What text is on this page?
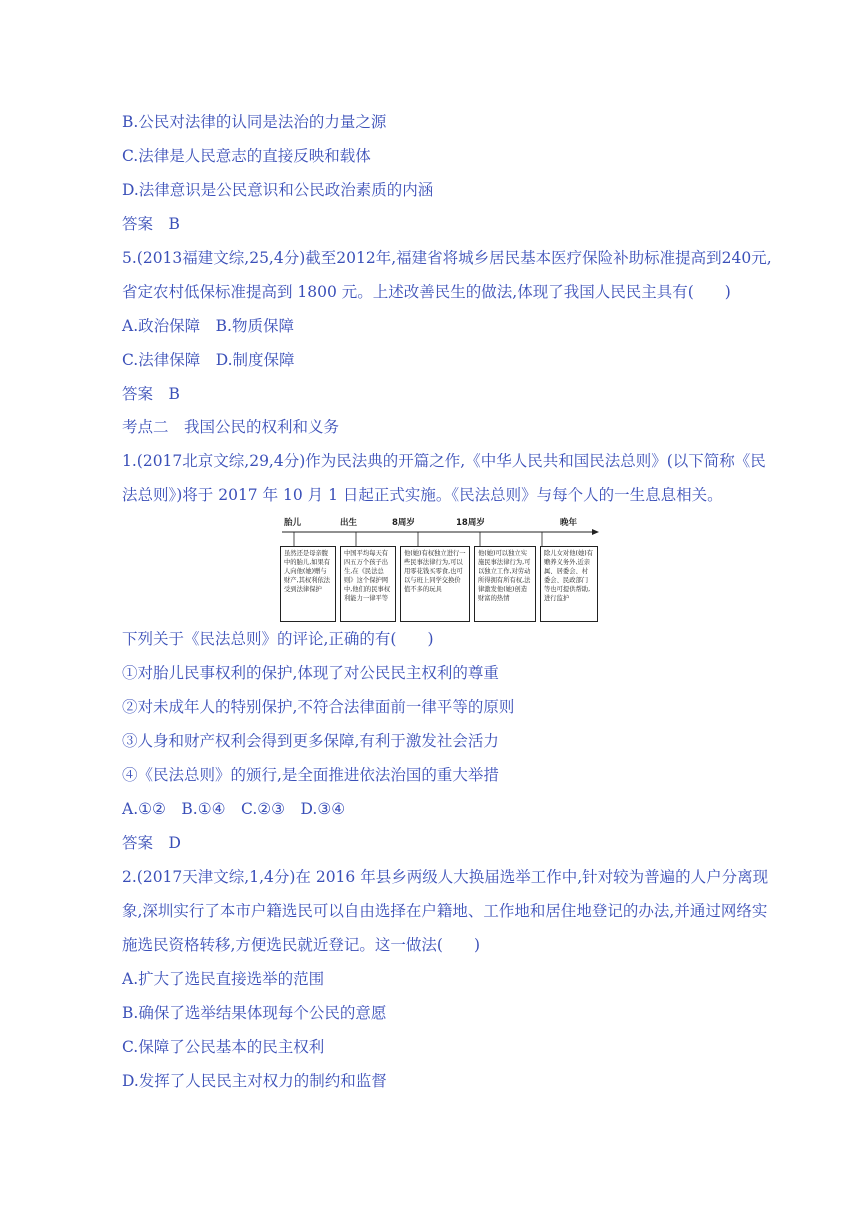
B.公民对法律的认同是法治的力量之源
C.法律是人民意志的直接反映和载体
D.法律意识是公民意识和公民政治素质的内涵
答案　B
5.(2013福建文综,25,4分)截至2012年,福建省将城乡居民基本医疗保险补助标准提高到240元,
省定农村低保标准提高到 1800 元。上述改善民生的做法,体现了我国人民民主具有(　　)
A.政治保障　B.物质保障
C.法律保障　D.制度保障
答案　B
考点二　我国公民的权利和义务
1.(2017北京文综,29,4分)作为民法典的开篇之作,《中华人民共和国民法总则》(以下简称《民
法总则》)将于 2017 年 10 月 1 日起正式实施。《民法总则》与每个人的一生息息相关。
胎儿	出生	8周岁	18周岁	晚年
虽然还是母亲腹中的胎儿,如果有人向他(她)赠与财产,其权利依法受到法律保护
中国平均每天有四五万个孩子出生,在《民法总则》这个保护网中,他们的民事权利能力一律平等
他(她)有权独立进行一些民事法律行为,可以用零花钱买零食,也可以与班上同学交换价值不多的玩具
他(她)可以独立实施民事法律行为,可以独立工作,对劳动所得拥有所有权,法律激发他(她)创造财富的热情
除儿女对他(她)有赡养义务外,近亲属、居委会、村委会、民政部门等也可提供帮助,进行监护
下列关于《民法总则》的评论,正确的有(　　)
①对胎儿民事权利的保护,体现了对公民民主权利的尊重
②对未成年人的特别保护,不符合法律面前一律平等的原则
③人身和财产权利会得到更多保障,有利于激发社会活力
④《民法总则》的颁行,是全面推进依法治国的重大举措
A.①②　B.①④　C.②③　D.③④
答案　D
2.(2017天津文综,1,4分)在 2016 年县乡两级人大换届选举工作中,针对较为普遍的人户分离现
象,深圳实行了本市户籍选民可以自由选择在户籍地、工作地和居住地登记的办法,并通过网络实
施选民资格转移,方便选民就近登记。这一做法(　　)
A.扩大了选民直接选举的范围
B.确保了选举结果体现每个公民的意愿
C.保障了公民基本的民主权利
D.发挥了人民民主对权力的制约和监督
